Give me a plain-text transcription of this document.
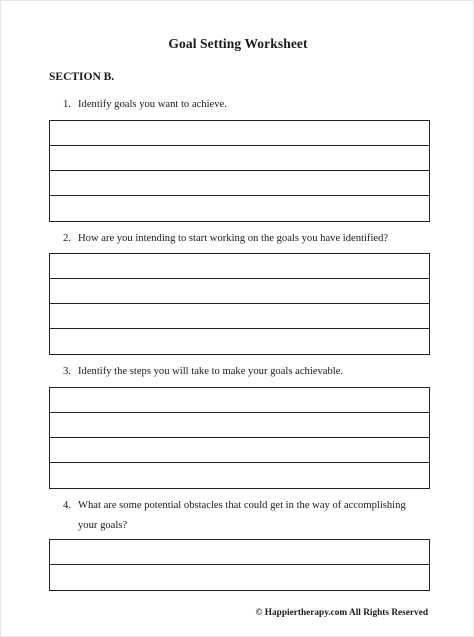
Goal Setting Worksheet
SECTION B.
1. Identify goals you want to achieve.
2. How are you intending to start working on the goals you have identified?
3. Identify the steps you will take to make your goals achievable.
4. What are some potential obstacles that could get in the way of accomplishing your goals?
© Happiertherapy.com All Rights Reserved
